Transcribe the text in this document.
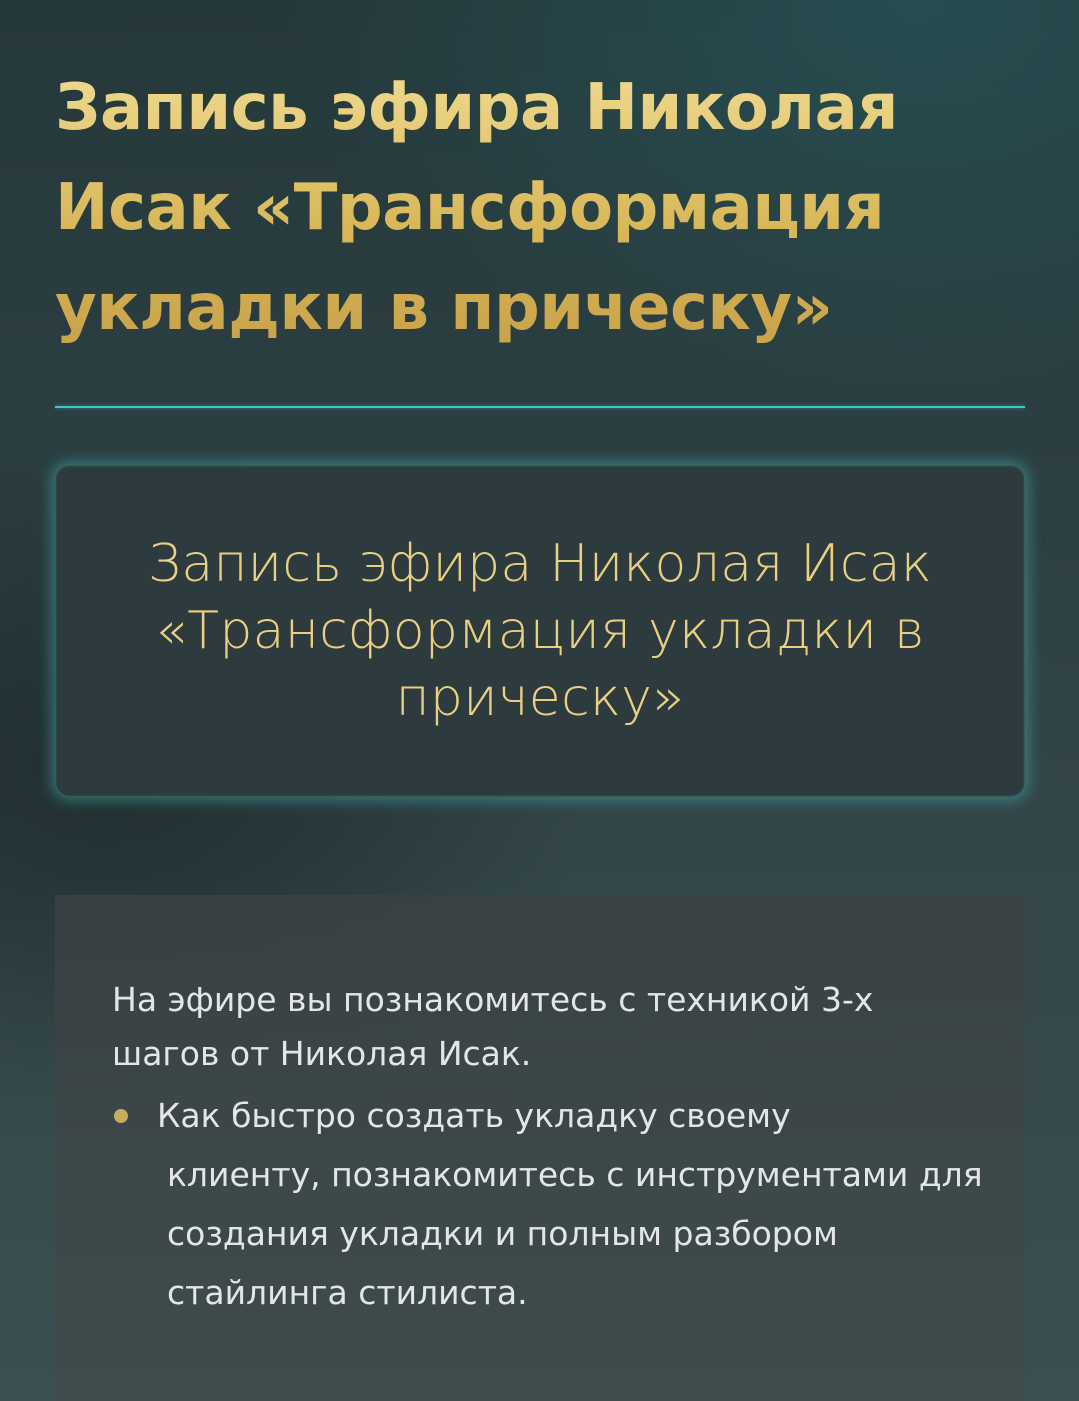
Запись эфира Николая Исак «Трансформация укладки в прическу»
Запись эфира Николая Исак «Трансформация укладки в прическу»

На эфире вы познакомитесь с техникой 3-х шагов от Николая Исак.

Как быстро создать укладку своему
клиенту, познакомитесь с инструментами для создания укладки и полным разбором стайлинга стилиста.
